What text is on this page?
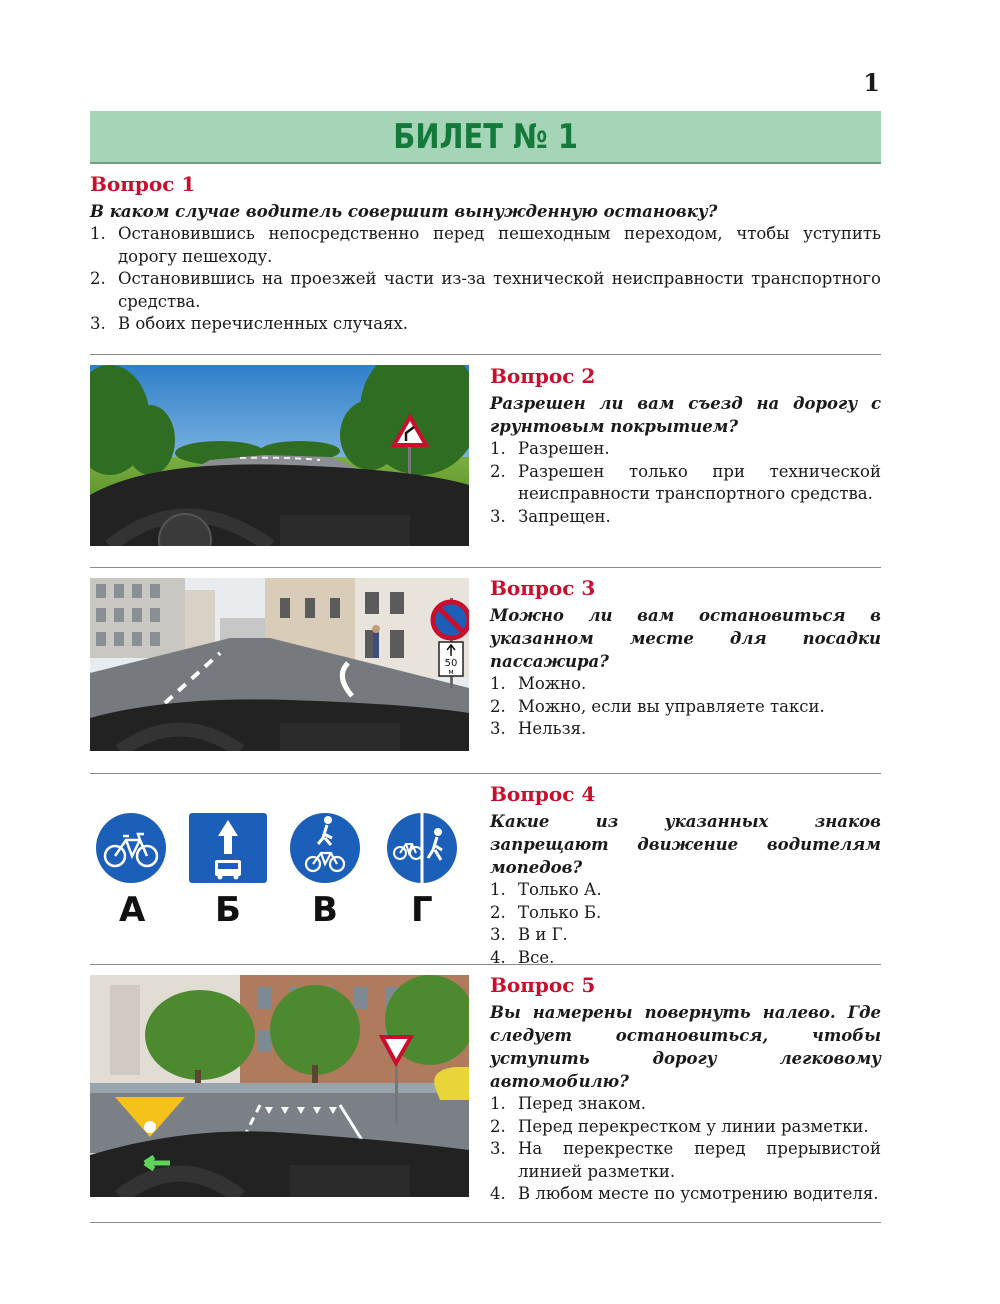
1
БИЛЕТ № 1
Вопрос 1

В каком случае водитель совершит вынужденную остановку?

1. Остановившись непосредственно перед пешеходным переходом, чтобы уступить дорогу пешеходу.
2. Остановившись на проезжей части из-за технической неисправности транспортного средства.
3. В обоих перечисленных случаях.
Вопрос 2

Разрешен ли вам съезд на дорогу с грунтовым покрытием?

1. Разрешен.
2. Разрешен только при технической неисправности транспортного средства.
3. Запрещен.
50
м
Вопрос 3

Можно ли вам остановиться в указанном месте для посадки пассажира?

1. Можно.
2. Можно, если вы управляете такси.
3. Нельзя.
А Б В Г
Вопрос 4

Какие из указанных знаков запрещают движение водителям мопедов?

1. Только А.
2. Только Б.
3. В и Г.
4. Все.
Вопрос 5

Вы намерены повернуть налево. Где следует остановиться, чтобы уступить дорогу легковому автомобилю?

1. Перед знаком.
2. Перед перекрестком у линии разметки.
3. На перекрестке перед прерывистой линией разметки.
4. В любом месте по усмотрению водителя.
